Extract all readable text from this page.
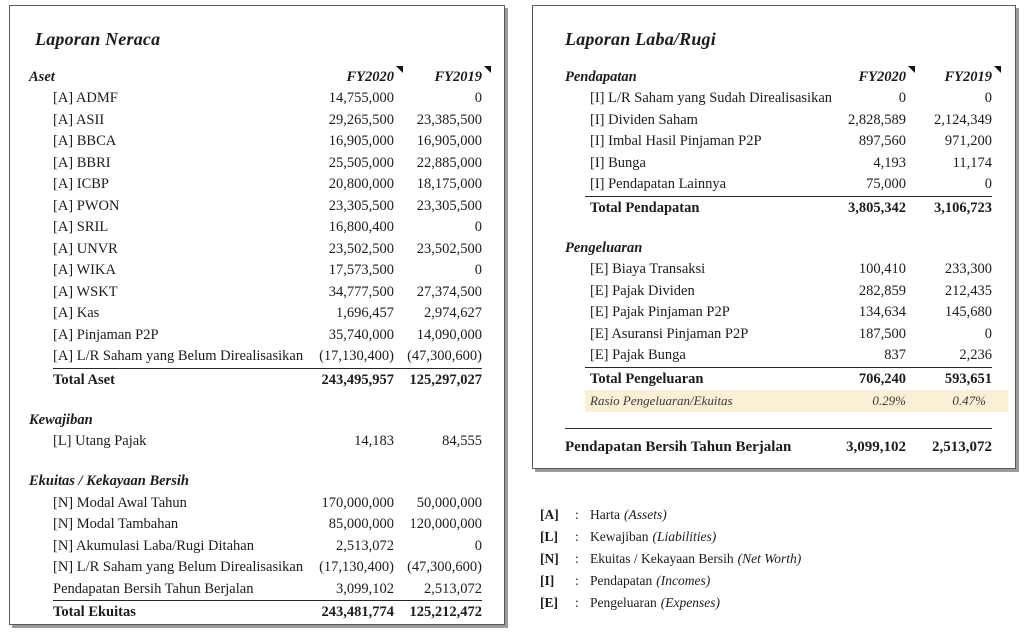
Laporan Neraca
Aset	FY2020	FY2019

[A] ADMF	14,755,000	0
[A] ASII	29,265,500	23,385,500
[A] BBCA	16,905,000	16,905,000
[A] BBRI	25,505,000	22,885,000
[A] ICBP	20,800,000	18,175,000
[A] PWON	23,305,500	23,305,500
[A] SRIL	16,800,400	0
[A] UNVR	23,502,500	23,502,500
[A] WIKA	17,573,500	0
[A] WSKT	34,777,500	27,374,500
[A] Kas	1,696,457	2,974,627
[A] Pinjaman P2P	35,740,000	14,090,000
[A] L/R Saham yang Belum Direalisasikan	(17,130,400)	(47,300,600)
Total Aset	243,495,957	125,297,027
Kewajiban
[L] Utang Pajak	14,183	84,555
Ekuitas / Kekayaan Bersih		
[N] Modal Awal Tahun	170,000,000	50,000,000
[N] Modal Tambahan	85,000,000	120,000,000
[N] Akumulasi Laba/Rugi Ditahan	2,513,072	0
[N] L/R Saham yang Belum Direalisasikan	(17,130,400)	(47,300,600)
Pendapatan Bersih Tahun Berjalan	3,099,102	2,513,072
Total Ekuitas	243,481,774	125,212,472
Laporan Laba/Rugi
Pendapatan	FY2020	FY2019

[I] L/R Saham yang Sudah Direalisasikan	0	0
[I] Dividen Saham	2,828,589	2,124,349
[I] Imbal Hasil Pinjaman P2P	897,560	971,200
[I] Bunga	4,193	11,174
[I] Pendapatan Lainnya	75,000	0
Total Pendapatan	3,805,342	3,106,723
Pengeluaran		
[E] Biaya Transaksi	100,410	233,300
[E] Pajak Dividen	282,859	212,435
[E] Pajak Pinjaman P2P	134,634	145,680
[E] Asuransi Pinjaman P2P	187,500	0
[E] Pajak Bunga	837	2,236
Total Pengeluaran	706,240	593,651
Rasio Pengeluaran/Ekuitas	0.29%	0.47%
Pendapatan Bersih Tahun Berjalan	3,099,102	2,513,072
[A]	: Harta (Assets)
[L]	: Kewajiban (Liabilities)
[N]	: Ekuitas / Kekayaan Bersih (Net Worth)
[I]	: Pendapatan (Incomes)
[E]	: Pengeluaran (Expenses)
